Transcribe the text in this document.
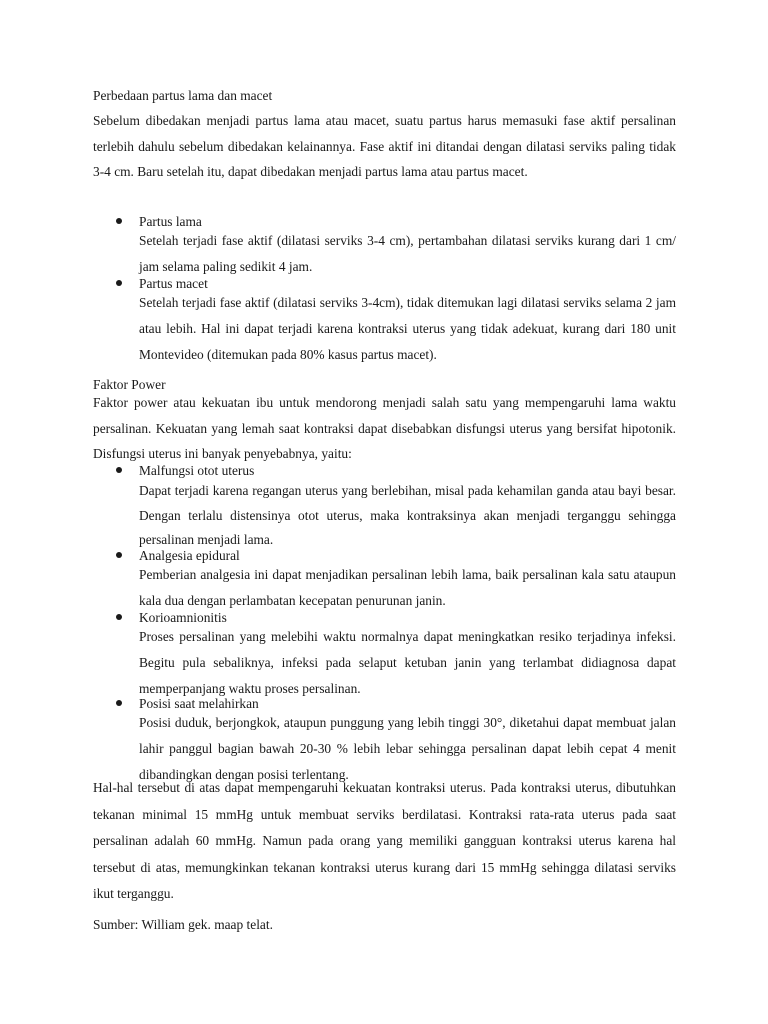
Perbedaan partus lama dan macet

Sebelum dibedakan menjadi partus lama atau macet, suatu partus harus memasuki fase aktif persalinan terlebih dahulu sebelum dibedakan kelainannya. Fase aktif ini ditandai dengan dilatasi serviks paling tidak 3-4 cm. Baru setelah itu, dapat dibedakan menjadi partus lama atau partus macet.

Partus lama
Setelah terjadi fase aktif (dilatasi serviks 3-4 cm), pertambahan dilatasi serviks kurang dari 1 cm/ jam selama paling sedikit 4 jam.
Partus macet
Setelah terjadi fase aktif (dilatasi serviks 3-4cm), tidak ditemukan lagi dilatasi serviks selama 2 jam atau lebih. Hal ini dapat terjadi karena kontraksi uterus yang tidak adekuat, kurang dari 180 unit Montevideo (ditemukan pada 80% kasus partus macet).

Faktor Power

Faktor power atau kekuatan ibu untuk mendorong menjadi salah satu yang mempengaruhi lama waktu persalinan. Kekuatan yang lemah saat kontraksi dapat disebabkan disfungsi uterus yang bersifat hipotonik. Disfungsi uterus ini banyak penyebabnya, yaitu:

Malfungsi otot uterus
Dapat terjadi karena regangan uterus yang berlebihan, misal pada kehamilan ganda atau bayi besar. Dengan terlalu distensinya otot uterus, maka kontraksinya akan menjadi terganggu sehingga persalinan menjadi lama.
Analgesia epidural
Pemberian analgesia ini dapat menjadikan persalinan lebih lama, baik persalinan kala satu ataupun kala dua dengan perlambatan kecepatan penurunan janin.
Korioamnionitis
Proses persalinan yang melebihi waktu normalnya dapat meningkatkan resiko terjadinya infeksi. Begitu pula sebaliknya, infeksi pada selaput ketuban janin yang terlambat didiagnosa dapat memperpanjang waktu proses persalinan.
Posisi saat melahirkan
Posisi duduk, berjongkok, ataupun punggung yang lebih tinggi 30°, diketahui dapat membuat jalan lahir panggul bagian bawah 20-30 % lebih lebar sehingga persalinan dapat lebih cepat 4 menit dibandingkan dengan posisi terlentang.

Hal-hal tersebut di atas dapat mempengaruhi kekuatan kontraksi uterus. Pada kontraksi uterus, dibutuhkan tekanan minimal 15 mmHg untuk membuat serviks berdilatasi. Kontraksi rata-rata uterus pada saat persalinan adalah 60 mmHg. Namun pada orang yang memiliki gangguan kontraksi uterus karena hal tersebut di atas, memungkinkan tekanan kontraksi uterus kurang dari 15 mmHg sehingga dilatasi serviks ikut terganggu.

Sumber: William gek. maap telat.
